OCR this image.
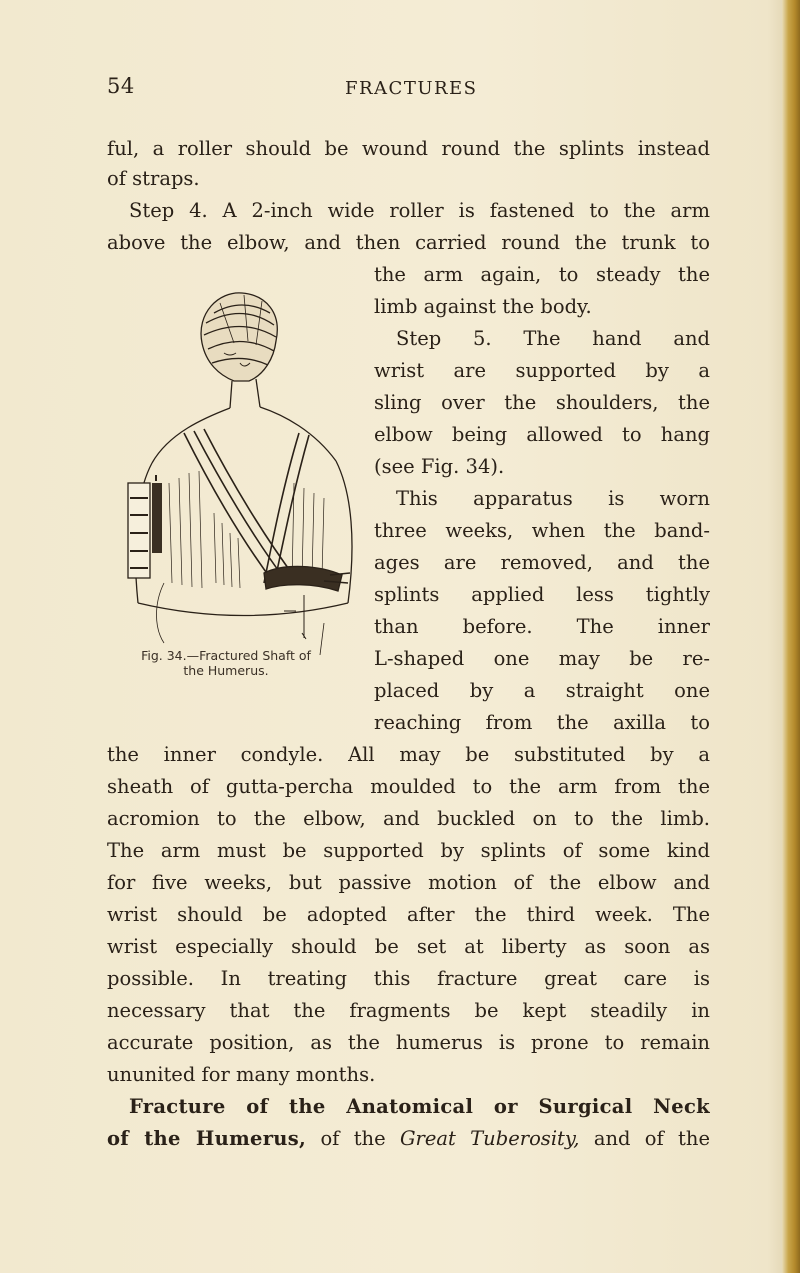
54	FRACTURES
ful, a roller should be wound round the splints instead
of straps.
Step 4. A 2-inch wide roller is fastened to the arm
above the elbow, and then carried round the trunk to
the arm again, to steady the
limb against the body.
Step 5. The hand and
wrist are supported by a
sling over the shoulders, the
elbow being allowed to hang
(see Fig. 34).
This apparatus is worn
three weeks, when the band-
ages are removed, and the
splints applied less tightly
than before. The inner
L-shaped one may be re-
placed by a straight one
reaching from the axilla to
the inner condyle. All may be substituted by a
sheath of gutta-percha moulded to the arm from the
acromion to the elbow, and buckled on to the limb.
The arm must be supported by splints of some kind
for five weeks, but passive motion of the elbow and
wrist should be adopted after the third week. The
wrist especially should be set at liberty as soon as
possible. In treating this fracture great care is
necessary that the fragments be kept steadily in
accurate position, as the humerus is prone to remain
ununited for many months.
Fracture of the Anatomical or Surgical Neck
of the Humerus, of the Great Tuberosity, and of the
Fig. 34.—Fractured Shaft of
the Humerus.
